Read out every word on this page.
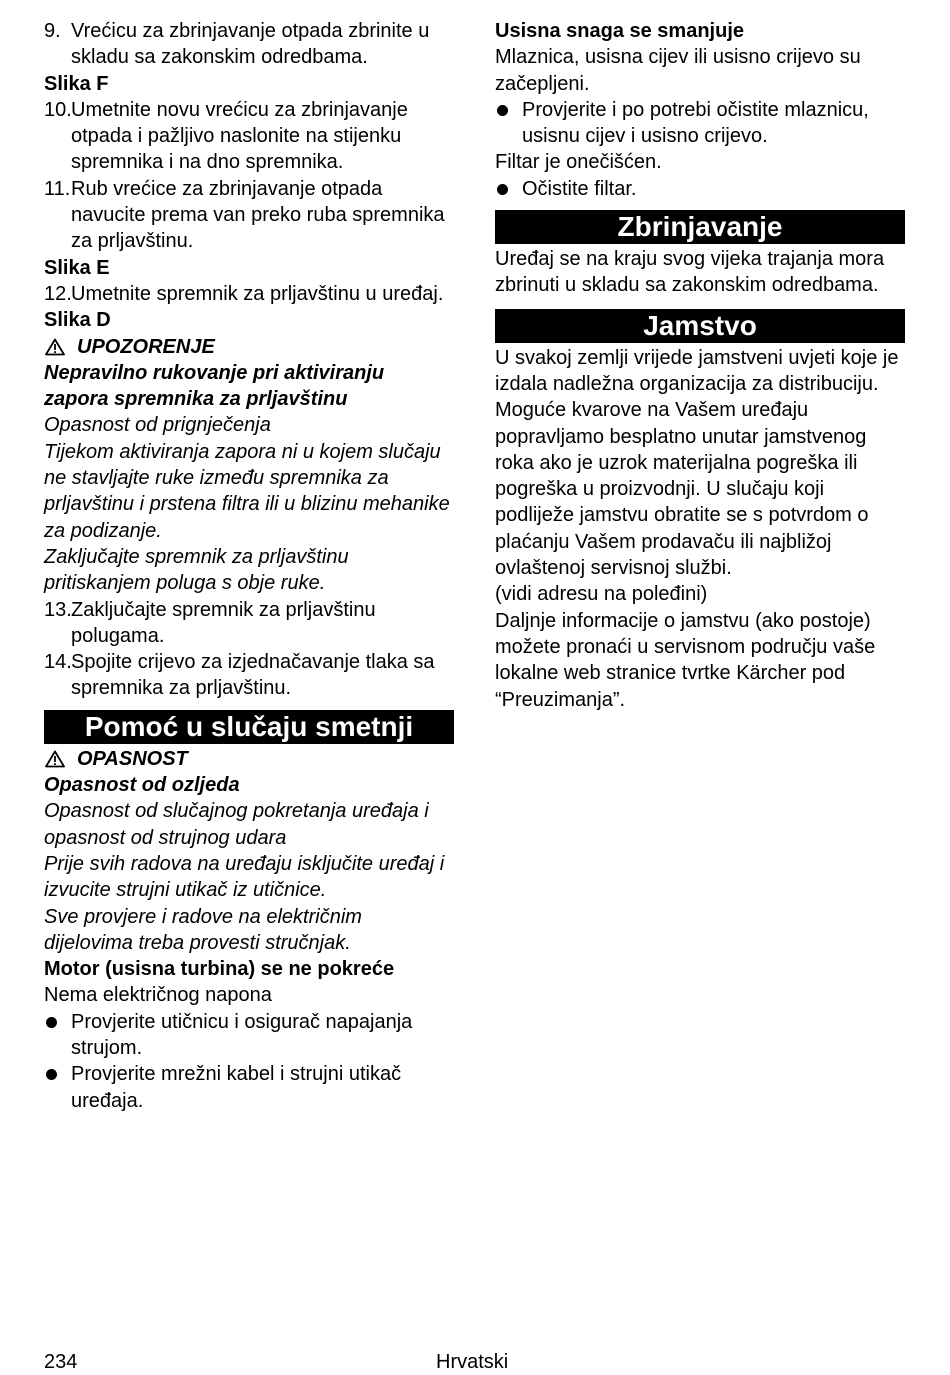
9. Vrećicu za zbrinjavanje otpada zbrinite u skladu sa zakonskim odredbama.
Slika F
10. Umetnite novu vrećicu za zbrinjavanje otpada i pažljivo naslonite na stijenku spremnika i na dno spremnika.
11. Rub vrećice za zbrinjavanje otpada navucite prema van preko ruba spremnika za prljavštinu.
Slika E
12. Umetnite spremnik za prljavštinu u uređaj.
Slika D
UPOZORENJE
Nepravilno rukovanje pri aktiviranju zapora spremnika za prljavštinu
Opasnost od prignječenja
Tijekom aktiviranja zapora ni u kojem slučaju ne stavljajte ruke između spremnika za prljavštinu i prstena filtra ili u blizinu mehanike za podizanje.
Zaključajte spremnik za prljavštinu pritiskanjem poluga s obje ruke.
13. Zaključajte spremnik za prljavštinu polugama.
14. Spojite crijevo za izjednačavanje tlaka sa spremnika za prljavštinu.
Pomoć u slučaju smetnji
OPASNOST
Opasnost od ozljeda
Opasnost od slučajnog pokretanja uređaja i opasnost od strujnog udara
Prije svih radova na uređaju isključite uređaj i izvucite strujni utikač iz utičnice.
Sve provjere i radove na električnim dijelovima treba provesti stručnjak.
Motor (usisna turbina) se ne pokreće
Nema električnog napona
Provjerite utičnicu i osigurač napajanja strujom.
Provjerite mrežni kabel i strujni utikač uređaja.
Usisna snaga se smanjuje
Mlaznica, usisna cijev ili usisno crijevo su začepljeni.
Provjerite i po potrebi očistite mlaznicu, usisnu cijev i usisno crijevo.
Filtar je onečišćen.
Očistite filtar.
Zbrinjavanje
Uređaj se na kraju svog vijeka trajanja mora zbrinuti u skladu sa zakonskim odredbama.
Jamstvo
U svakoj zemlji vrijede jamstveni uvjeti koje je izdala nadležna organizacija za distribuciju. Moguće kvarove na Vašem uređaju popravljamo besplatno unutar jamstvenog roka ako je uzrok materijalna pogreška ili pogreška u proizvodnji. U slučaju koji podliježe jamstvu obratite se s potvrdom o plaćanju Vašem prodavaču ili najbližoj ovlaštenoj servisnoj službi.
(vidi adresu na poleđini)
Daljnje informacije o jamstvu (ako postoje) možete pronaći u servisnom području vaše lokalne web stranice tvrtke Kärcher pod “Preuzimanja”.
234	Hrvatski
